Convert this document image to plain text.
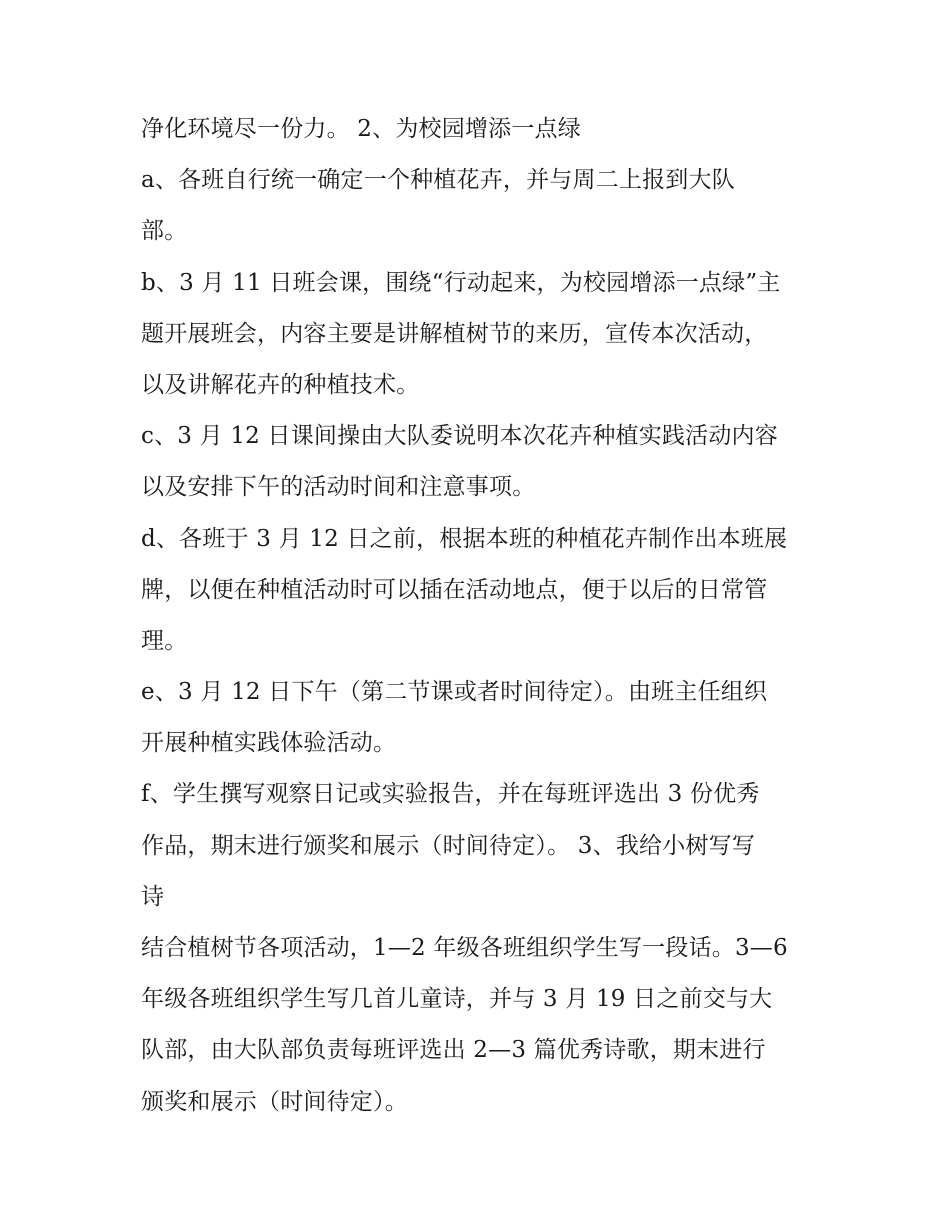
净化环境尽一份力。 2、为校园增添一点绿
a、各班自行统一确定一个种植花卉，并与周二上报到大队
部。
b、3 月 11 日班会课，围绕“行动起来，为校园增添一点绿”主
题开展班会，内容主要是讲解植树节的来历，宣传本次活动，
以及讲解花卉的种植技术。
c、3 月 12 日课间操由大队委说明本次花卉种植实践活动内容
以及安排下午的活动时间和注意事项。
d、各班于 3 月 12 日之前，根据本班的种植花卉制作出本班展
牌，以便在种植活动时可以插在活动地点，便于以后的日常管
理。
e、3 月 12 日下午（第二节课或者时间待定）。由班主任组织
开展种植实践体验活动。
f、学生撰写观察日记或实验报告，并在每班评选出 3 份优秀
作品，期末进行颁奖和展示（时间待定）。 3、我给小树写写
诗
结合植树节各项活动，1—2 年级各班组织学生写一段话。3—6
年级各班组织学生写几首儿童诗，并与 3 月 19 日之前交与大
队部，由大队部负责每班评选出 2—3 篇优秀诗歌，期末进行
颁奖和展示（时间待定）。
